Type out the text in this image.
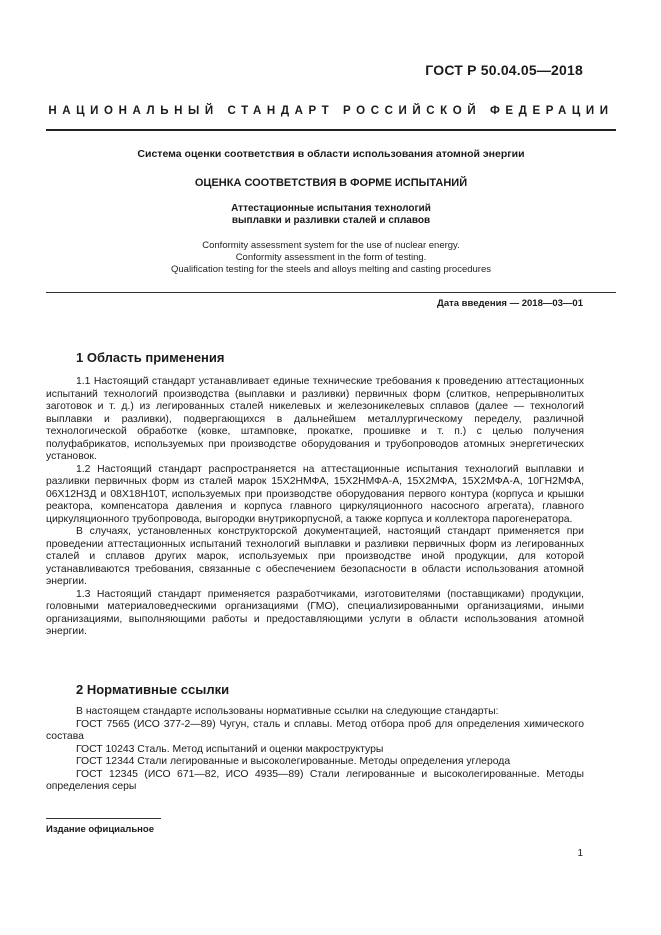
ГОСТ Р 50.04.05—2018
НАЦИОНАЛЬНЫЙ СТАНДАРТ РОССИЙСКОЙ ФЕДЕРАЦИИ
Система оценки соответствия в области использования атомной энергии
ОЦЕНКА СООТВЕТСТВИЯ В ФОРМЕ ИСПЫТАНИЙ
Аттестационные испытания технологий
выплавки и разливки сталей и сплавов
Conformity assessment system for the use of nuclear energy.
Conformity assessment in the form of testing.
Qualification testing for the steels and alloys melting and casting procedures
Дата введения — 2018—03—01
1 Область применения

1.1 Настоящий стандарт устанавливает единые технические требования к проведению аттестационных испытаний технологий производства (выплавки и разливки) первичных форм (слитков, непрерывнолитых заготовок и т. д.) из легированных сталей никелевых и железоникелевых сплавов (далее — технологий выплавки и разливки), подвергающихся в дальнейшем металлургическому переделу, различной технологической обработке (ковке, штамповке, прокатке, прошивке и т. п.) с целью получения полуфабрикатов, используемых при производстве оборудования и трубопроводов атомных энергетических установок.

1.2 Настоящий стандарт распространяется на аттестационные испытания технологий выплавки и разливки первичных форм из сталей марок 15Х2НМФА, 15Х2НМФА-А, 15Х2МФА, 15Х2МФА-А, 10ГН2МФА, 06Х12Н3Д и 08Х18Н10Т, используемых при производстве оборудования первого контура (корпуса и крышки реактора, компенсатора давления и корпуса главного циркуляционного насосного агрегата), главного циркуляционного трубопровода, выгородки внутрикорпусной, а также корпуса и коллектора парогенератора.

В случаях, установленных конструкторской документацией, настоящий стандарт применяется при проведении аттестационных испытаний технологий выплавки и разливки первичных форм из легированных сталей и сплавов других марок, используемых при производстве иной продукции, для которой устанавливаются требования, связанные с обеспечением безопасности в области использования атомной энергии.

1.3 Настоящий стандарт применяется разработчиками, изготовителями (поставщиками) продукции, головными материаловедческими организациями (ГМО), специализированными организациями, иными организациями, выполняющими работы и предоставляющими услуги в области использования атомной энергии.

2 Нормативные ссылки

В настоящем стандарте использованы нормативные ссылки на следующие стандарты:

ГОСТ 7565 (ИСО 377-2—89) Чугун, сталь и сплавы. Метод отбора проб для определения химического состава

ГОСТ 10243 Сталь. Метод испытаний и оценки макроструктуры

ГОСТ 12344 Стали легированные и высоколегированные. Методы определения углерода

ГОСТ 12345 (ИСО 671—82, ИСО 4935—89) Стали легированные и высоколегированные. Методы определения серы

Издание официальное
1
